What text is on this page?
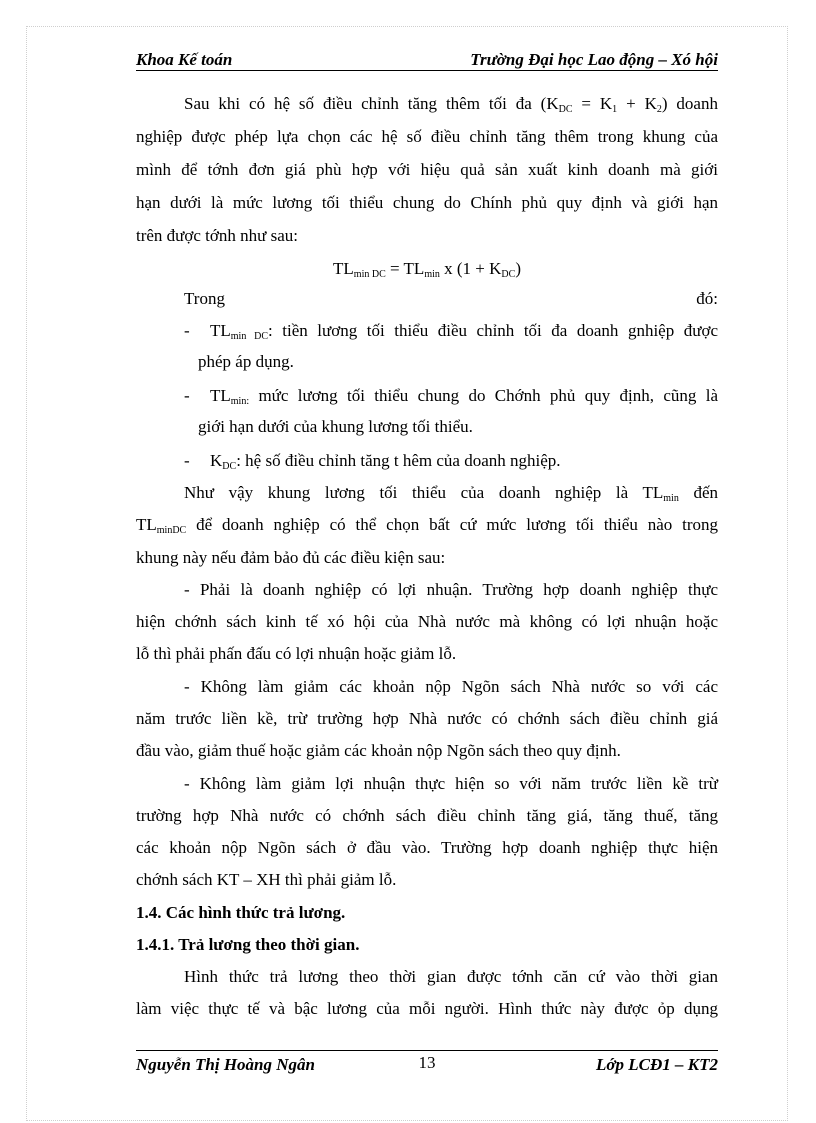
Khoa Kế toán	Trường Đại học Lao động – Xó hội
Sau khi có hệ số điều chỉnh tăng thêm tối đa $(K_{DC} = K_1 + K_2)$ doanh
nghiệp được phép lựa chọn các hệ số điều chỉnh tăng thêm trong khung của
mình để tớnh đơn giá phù hợp với hiệu quả sản xuất kinh doanh mà giới
hạn dưới là mức lương tối thiểu chung do Chính phủ quy định và giới hạn
trên được tớnh như sau:
$TL_{min DC} = TL_{min}$ x $(1 + K_{DC})$
Trong	đó:
- $TL_{min DC}$: tiền lương tối thiểu điều chỉnh tối đa doanh gnhiệp được
phép áp dụng.
- $TL_{min:}$ mức lương tối thiểu chung do Chớnh phủ quy định, cũng là
giới hạn dưới của khung lương tối thiểu.
- $K_{DC}$: hệ số điều chỉnh tăng t hêm của doanh nghiệp.
Như vậy khung lương tối thiểu của doanh nghiệp là $TL_{min}$ đến
$TL_{minDC}$ để doanh nghiệp có thể chọn bất cứ mức lương tối thiểu nào trong
khung này nếu đảm bảo đủ các điều kiện sau:
- Phải là doanh nghiệp có lợi nhuận. Trường hợp doanh nghiệp thực
hiện chớnh sách kinh tế xó hội của Nhà nước mà không có lợi nhuận hoặc
lỗ thì phải phấn đấu có lợi nhuận hoặc giảm lỗ.
- Không làm giảm các khoản nộp Ngõn sách Nhà nước so với các
năm trước liền kề, trừ trường hợp Nhà nước có chớnh sách điều chỉnh giá
đầu vào, giảm thuế hoặc giảm các khoản nộp Ngõn sách theo quy định.
- Không làm giảm lợi nhuận thực hiện so với năm trước liền kề trừ
trường hợp Nhà nước có chớnh sách điều chỉnh tăng giá, tăng thuế, tăng
các khoản nộp Ngõn sách ở đầu vào. Trường hợp doanh nghiệp thực hiện
chớnh sách KT – XH thì phải giảm lỗ.
1.4. Các hình thức trả lương.
1.4.1. Trả lương theo thời gian.
Hình thức trả lương theo thời gian được tớnh căn cứ vào thời gian
làm việc thực tế và bậc lương của mỗi người. Hình thức này được ỏp dụng
Nguyễn Thị Hoàng Ngân	13	Lớp LCĐ1 – KT2
